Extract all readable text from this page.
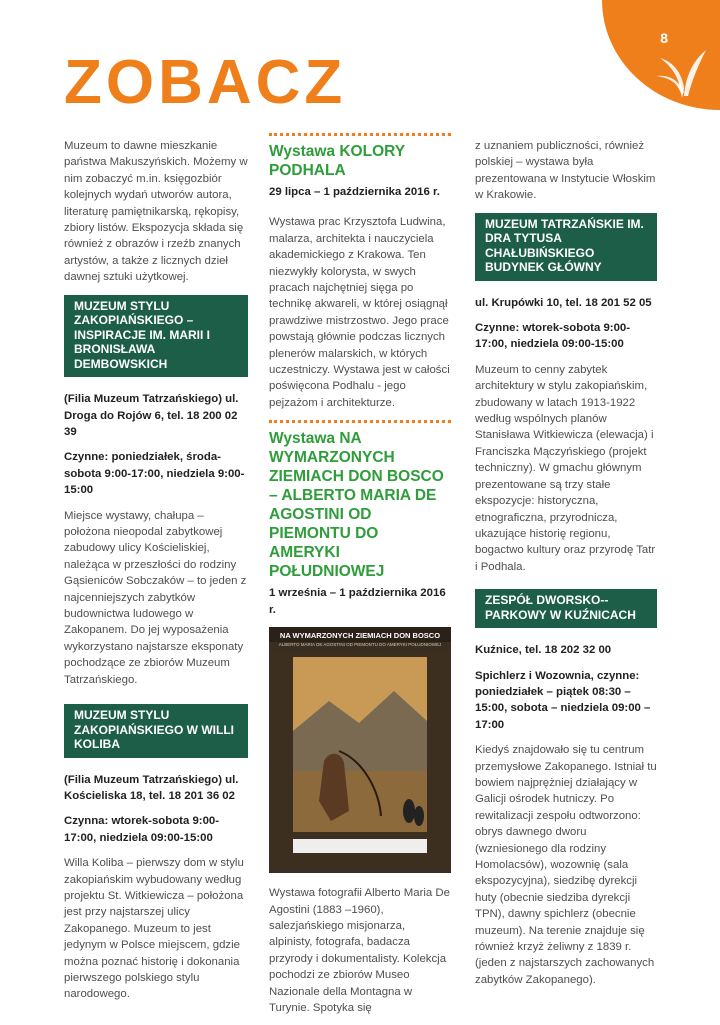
8
ZOBACZ

Muzeum to dawne mieszkanie państwa Makuszyńskich. Możemy w nim zobaczyć m.in. księgozbiór kolejnych wydań utworów autora, literaturę pamiętnikarską, rękopisy, zbiory listów. Ekspozycja składa się również z obrazów i rzeźb znanych artystów, a także z licznych dzieł dawnej sztuki użytkowej.

MUZEUM STYLU ZAKOPIAŃSKIEGO – INSPIRACJE IM. MARII I BRONISŁAWA DEMBOWSKICH

(Filia Muzeum Tatrzańskiego) ul. Droga do Rojów 6, tel. 18 200 02 39

Czynne: poniedziałek, środa-sobota 9:00-17:00, niedziela 9:00-15:00

Miejsce wystawy, chałupa – położona nieopodal zabytkowej zabudowy ulicy Kościeliskiej, należąca w przeszłości do rodziny Gąsieniców Sobczaków – to jeden z najcenniejszych zabytków budownictwa ludowego w Zakopanem. Do jej wyposażenia wykorzystano najstarsze eksponaty pochodzące ze zbiorów Muzeum Tatrzańskiego.

MUZEUM STYLU ZAKOPIAŃSKIEGO W WILLI KOLIBA

(Filia Muzeum Tatrzańskiego) ul. Kościeliska 18, tel. 18 201 36 02

Czynna: wtorek-sobota 9:00-17:00, niedziela 09:00-15:00

Willa Koliba – pierwszy dom w stylu zakopiańskim wybudowany według projektu St. Witkiewicza – położona jest przy najstarszej ulicy Zakopanego. Muzeum to jest jedynym w Polsce miejscem, gdzie można poznać historię i dokonania pierwszego polskiego stylu narodowego.

Wystawa KOLORY PODHALA

29 lipca – 1 października 2016 r.

Wystawa prac Krzysztofa Ludwina, malarza, architekta i nauczyciela akademickiego z Krakowa. Ten niezwykły kolorysta, w swych pracach najchętniej sięga po technikę akwareli, w której osiągnął prawdziwe mistrzostwo. Jego prace powstają głównie podczas licznych plenerów malarskich, w których uczestniczy. Wystawa jest w całości poświęcona Podhalu - jego pejzażom i architekturze.

Wystawa NA WYMARZONYCH ZIEMIACH DON BOSCO – ALBERTO MARIA DE AGOSTINI OD PIEMONTU DO AMERYKI POŁUDNIOWEJ

1 września – 1 października 2016 r.

NA WYMARZONYCH ZIEMIACH DON BOSCO
ALBERTO MARIA DE AGOSTINI OD PIEMONTU DO AMERYKI POŁUDNIOWEJ

Wystawa fotografii Alberto Maria De Agostini (1883 –1960), salezjańskiego misjonarza, alpinisty, fotografa, badacza przyrody i dokumentalisty. Kolekcja pochodzi ze zbiorów Museo Nazionale della Montagna w Turynie. Spotyka się

z uznaniem publiczności, również polskiej – wystawa była prezentowana w Instytucie Włoskim w Krakowie.

MUZEUM TATRZAŃSKIE IM. DRA TYTUSA CHAŁUBIŃSKIEGO BUDYNEK GŁÓWNY

ul. Krupówki 10, tel. 18 201 52 05

Czynne: wtorek-sobota 9:00-17:00, niedziela 09:00-15:00

Muzeum to cenny zabytek architektury w stylu zakopiańskim, zbudowany w latach 1913-1922 według wspólnych planów Stanisława Witkiewicza (elewacja) i Franciszka Mączyńskiego (projekt techniczny). W gmachu głównym prezentowane są trzy stałe ekspozycje: historyczna, etnograficzna, przyrodnicza, ukazujące historię regionu, bogactwo kultury oraz przyrodę Tatr i Podhala.

ZESPÓŁ DWORSKO--PARKOWY W KUŹNICACH

Kuźnice, tel. 18 202 32 00

Spichlerz i Wozownia, czynne: poniedziałek – piątek 08:30 – 15:00, sobota – niedziela 09:00 – 17:00

Kiedyś znajdowało się tu centrum przemysłowe Zakopanego. Istniał tu bowiem najprężniej działający w Galicji ośrodek hutniczy. Po rewitalizacji zespołu odtworzono: obrys dawnego dworu (wzniesionego dla rodziny Homolacsów), wozownię (sala ekspozycyjna), siedzibę dyrekcji huty (obecnie siedziba dyrekcji TPN), dawny spichlerz (obecnie muzeum). Na terenie znajduje się również krzyż żeliwny z 1839 r. (jeden z najstarszych zachowanych zabytków Zakopanego).
